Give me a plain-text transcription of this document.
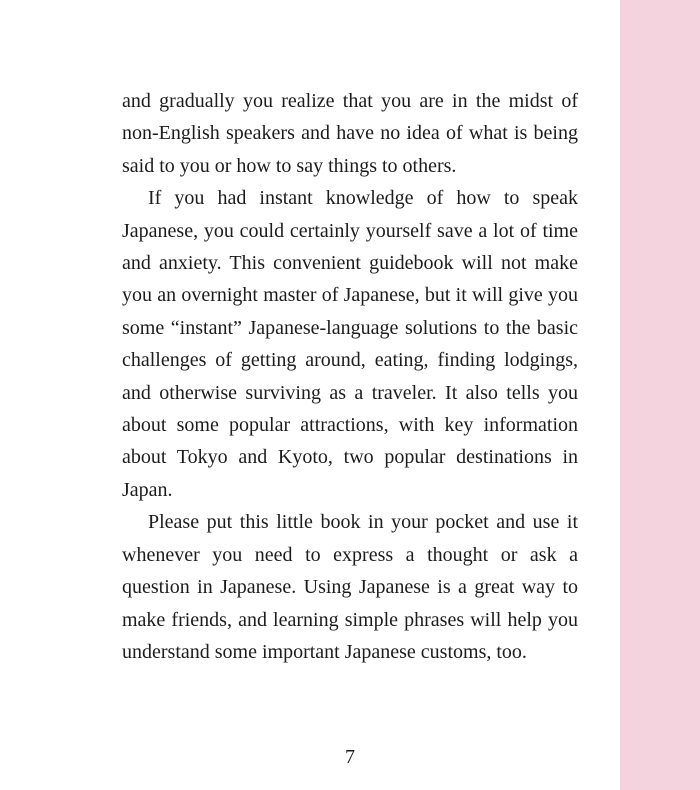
and gradually you realize that you are in the midst of non-English speakers and have no idea of what is being said to you or how to say things to others.

If you had instant knowledge of how to speak Japanese, you could certainly yourself save a lot of time and anxiety. This convenient guidebook will not make you an overnight master of Japanese, but it will give you some “instant” Japanese-language solutions to the basic challenges of getting around, eating, finding lodgings, and otherwise surviving as a traveler. It also tells you about some popular attractions, with key information about Tokyo and Kyoto, two popular destinations in Japan.

Please put this little book in your pocket and use it whenever you need to express a thought or ask a question in Japanese. Using Japanese is a great way to make friends, and learning simple phrases will help you understand some important Japanese customs, too.

7
